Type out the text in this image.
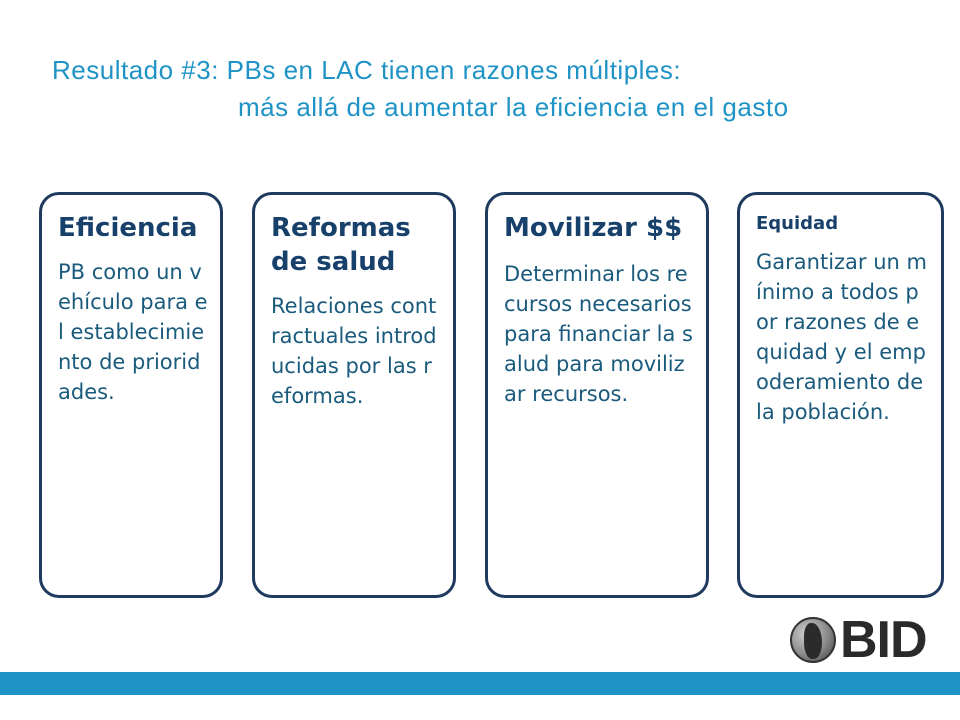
Resultado #3: PBs en LAC tienen razones múltiples:
más allá de aumentar la eficiencia en el gasto
Eficiencia
PB como un vehículo para el establecimiento de prioridades.
Reformas de salud
Relaciones contractuales introducidas por las reformas.
Movilizar $$
Determinar los recursos necesarios para financiar la salud para movilizar recursos.
Equidad
Garantizar un mínimo a todos por razones de equidad y el empoderamiento de la población.
BID
